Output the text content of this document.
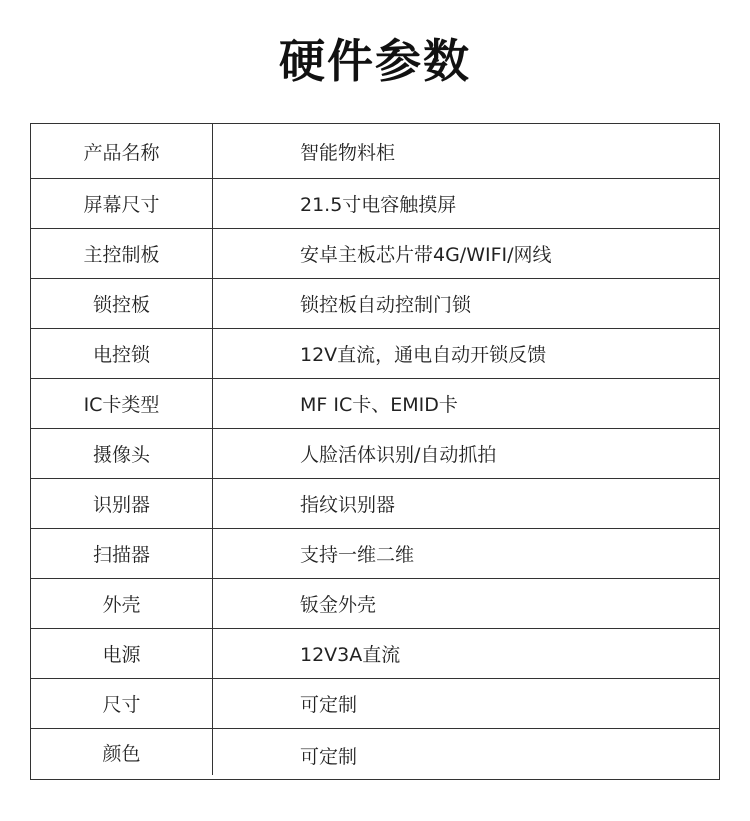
硬件参数
产品名称	智能物料柜
屏幕尺寸	21.5寸电容触摸屏
主控制板	安卓主板芯片带4G/WIFI/网线
锁控板	锁控板自动控制门锁
电控锁	12V直流，通电自动开锁反馈
IC卡类型	MF IC卡、EMID卡
摄像头	人脸活体识别/自动抓拍
识别器	指纹识别器
扫描器	支持一维二维
外壳	钣金外壳
电源	12V3A直流
尺寸	可定制
颜色	可定制
